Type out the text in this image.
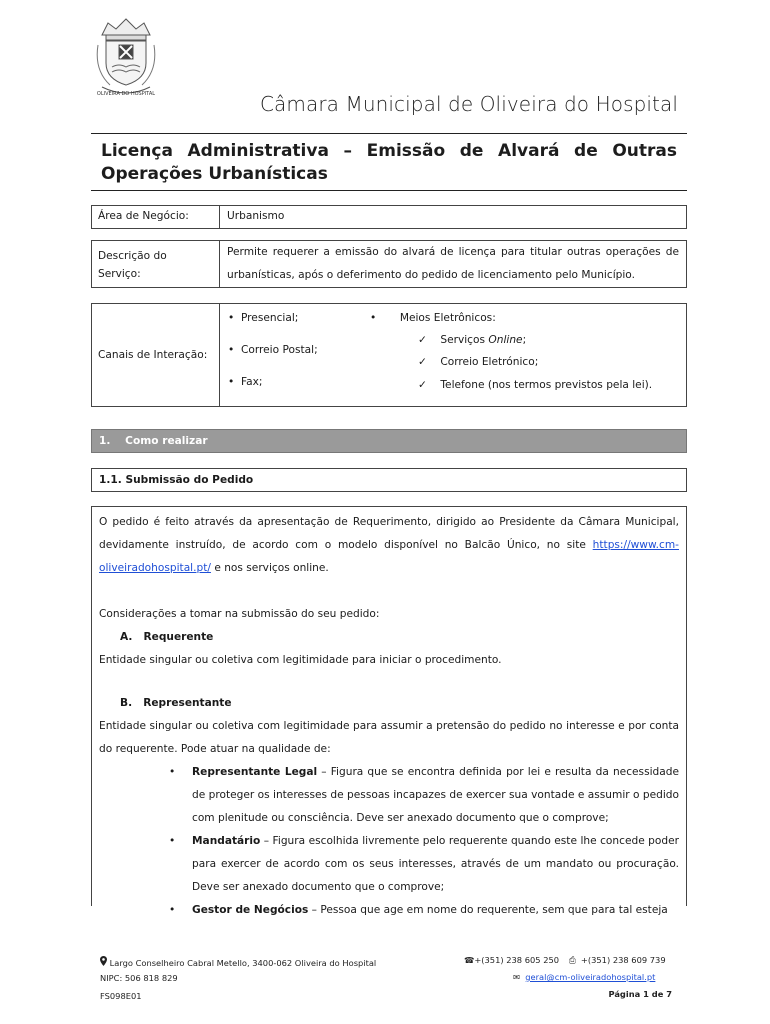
OLIVEIRA DO HOSPITAL	Câmara Municipal de Oliveira do Hospital
Licença Administrativa – Emissão de Alvará de Outras Operações Urbanísticas
Área de Negócio:	Urbanismo
Descrição do
Serviço:
Permite requerer a emissão do alvará de licença para titular outras operações de
urbanísticas, após o deferimento do pedido de licenciamento pelo Município.
Canais de Interação:
•  Presencial;
•  Correio Postal;
•  Fax;
•       Meios Eletrônicos:
✓     Serviços Online;
✓     Correio Eletrónico;
✓     Telefone (nos termos previstos pela lei).
1. Como realizar
1.1. Submissão do Pedido

O pedido é feito através da apresentação de Requerimento, dirigido ao Presidente da Câmara Municipal, devidamente instruído, de acordo com o modelo disponível no Balcão Único, no site https://www.cm-oliveiradohospital.pt/ e nos serviços online.

Considerações a tomar na submissão do seu pedido:

A. Requerente

Entidade singular ou coletiva com legitimidade para iniciar o procedimento.

B. Representante

Entidade singular ou coletiva com legitimidade para assumir a pretensão do pedido no interesse e por conta do requerente. Pode atuar na qualidade de:

• Representante Legal – Figura que se encontra definida por lei e resulta da necessidade de proteger os interesses de pessoas incapazes de exercer sua vontade e assumir o pedido com plenitude ou consciência. Deve ser anexado documento que o comprove;

• Mandatário – Figura escolhida livremente pelo requerente quando este lhe concede poder para exercer de acordo com os seus interesses, através de um mandato ou procuração. Deve ser anexado documento que o comprove;

• Gestor de Negócios – Pessoa que age em nome do requerente, sem que para tal esteja

Largo Conselheiro Cabral Metello, 3400-062 Oliveira do Hospital
NIPC: 506 818 829
FS098E01
☎+(351) 238 605 250 ⎙ +(351) 238 609 739
✉ geral@cm-oliveiradohospital.pt
Página 1 de 7
